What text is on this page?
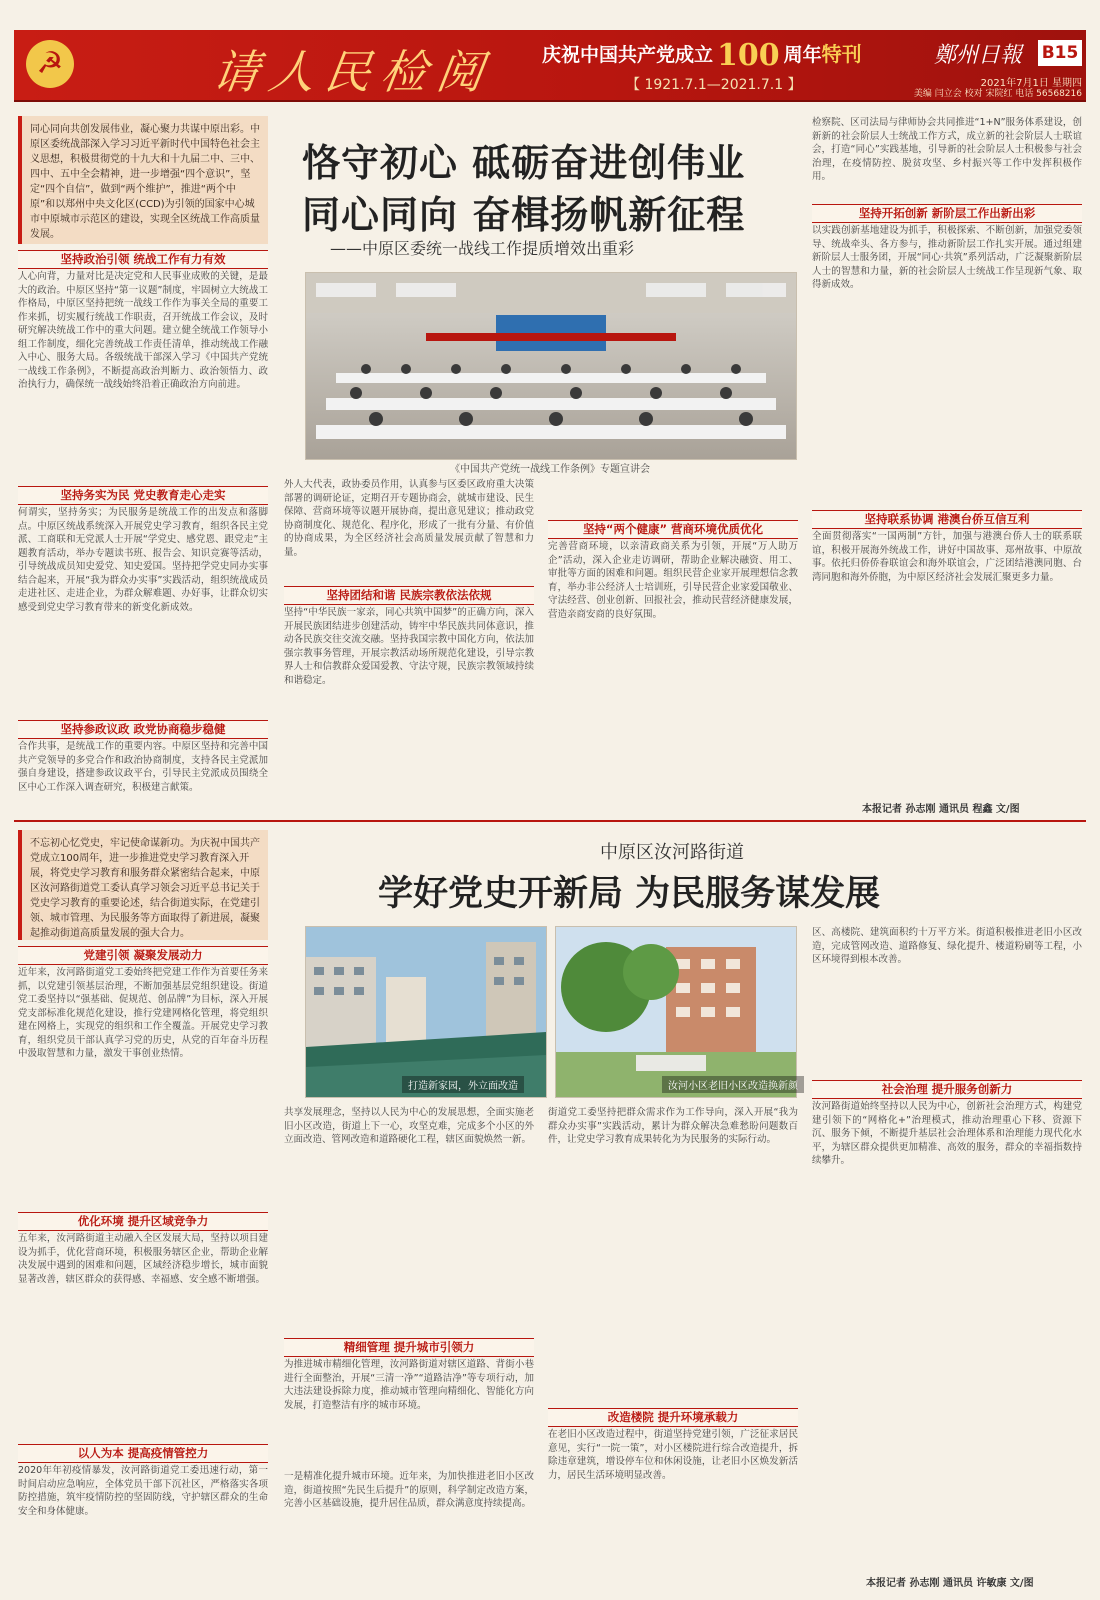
☭	请人民检阅 庆祝中国共产党成立 100 周年特刊
【 1921.7.1—2021.7.1 】
鄭州日報	B15
2021年7月1日 星期四
美编 闫立会 校对 宋院红 电话 56568216
同心同向共创发展伟业，凝心聚力共谋中原出彩。中原区委统战部深入学习习近平新时代中国特色社会主义思想，积极贯彻党的十九大和十九届二中、三中、四中、五中全会精神，进一步增强“四个意识”，坚定“四个自信”，做到“两个维护”，推进“两个中原”和以郑州中央文化区(CCD)为引领的国家中心城市中原城市示范区的建设，实现全区统战工作高质量发展。
恪守初心 砥砺奋进创伟业
同心同向 奋楫扬帆新征程
——中原区委统一战线工作提质增效出重彩
《中国共产党统一战线工作条例》专题宣讲会
坚持政治引领 统战工作有力有效
人心向背，力量对比是决定党和人民事业成败的关键，是最大的政治。中原区坚持“第一议题”制度，牢固树立大统战工作格局，中原区坚持把统一战线工作作为事关全局的重要工作来抓，切实履行统战工作职责，召开统战工作会议，及时研究解决统战工作中的重大问题。建立健全统战工作领导小组工作制度，细化完善统战工作责任清单，推动统战工作融入中心、服务大局。各级统战干部深入学习《中国共产党统一战线工作条例》，不断提高政治判断力、政治领悟力、政治执行力，确保统一战线始终沿着正确政治方向前进。
坚持务实为民 党史教育走心走实
何谓实，坚持务实；为民服务是统战工作的出发点和落脚点。中原区统战系统深入开展党史学习教育，组织各民主党派、工商联和无党派人士开展“学党史、感党恩、跟党走”主题教育活动，举办专题读书班、报告会、知识竞赛等活动，引导统战成员知史爱党、知史爱国。坚持把学党史同办实事结合起来，开展“我为群众办实事”实践活动，组织统战成员走进社区、走进企业，为群众解难题、办好事，让群众切实感受到党史学习教育带来的新变化新成效。
坚持参政议政 政党协商稳步稳健
合作共事，是统战工作的重要内容。中原区坚持和完善中国共产党领导的多党合作和政治协商制度，支持各民主党派加强自身建设，搭建参政议政平台，引导民主党派成员围绕全区中心工作深入调查研究，积极建言献策。
外人大代表，政协委员作用，认真参与区委区政府重大决策部署的调研论证，定期召开专题协商会，就城市建设、民生保障、营商环境等议题开展协商，提出意见建议；推动政党协商制度化、规范化、程序化，形成了一批有分量、有价值的协商成果，为全区经济社会高质量发展贡献了智慧和力量。
坚持团结和谐 民族宗教依法依规
坚持“中华民族一家亲，同心共筑中国梦”的正确方向，深入开展民族团结进步创建活动，铸牢中华民族共同体意识，推动各民族交往交流交融。坚持我国宗教中国化方向，依法加强宗教事务管理，开展宗教活动场所规范化建设，引导宗教界人士和信教群众爱国爱教、守法守规，民族宗教领域持续和谐稳定。
坚持“两个健康” 营商环境优质优化
完善营商环境，以亲清政商关系为引领，开展“万人助万企”活动，深入企业走访调研，帮助企业解决融资、用工、审批等方面的困难和问题。组织民营企业家开展理想信念教育，举办非公经济人士培训班，引导民营企业家爱国敬业、守法经营、创业创新、回报社会，推动民营经济健康发展，营造亲商安商的良好氛围。
检察院、区司法局与律师协会共同推进“1+N”服务体系建设，创新新的社会阶层人士统战工作方式，成立新的社会阶层人士联谊会，打造“同心”实践基地，引导新的社会阶层人士积极参与社会治理，在疫情防控、脱贫攻坚、乡村振兴等工作中发挥积极作用。
坚持开拓创新 新阶层工作出新出彩
以实践创新基地建设为抓手，积极探索、不断创新，加强党委领导、统战牵头、各方参与，推动新阶层工作扎实开展。通过组建新阶层人士服务团，开展“同心·共筑”系列活动，广泛凝聚新阶层人士的智慧和力量，新的社会阶层人士统战工作呈现新气象、取得新成效。
坚持联系协调 港澳台侨互信互利
全面贯彻落实“一国两制”方针，加强与港澳台侨人士的联系联谊，积极开展海外统战工作，讲好中国故事、郑州故事、中原故事。依托归侨侨眷联谊会和海外联谊会，广泛团结港澳同胞、台湾同胞和海外侨胞，为中原区经济社会发展汇聚更多力量。
本报记者 孙志刚 通讯员 程鑫 文/图
不忘初心忆党史，牢记使命谋新功。为庆祝中国共产党成立100周年，进一步推进党史学习教育深入开展，将党史学习教育和服务群众紧密结合起来，中原区汝河路街道党工委认真学习领会习近平总书记关于党史学习教育的重要论述，结合街道实际，在党建引领、城市管理、为民服务等方面取得了新进展，凝聚起推动街道高质量发展的强大合力。
中原区汝河路街道
学好党史开新局 为民服务谋发展
打造新家园，外立面改造	汝河小区老旧小区改造换新颜
党建引领 凝聚发展动力
近年来，汝河路街道党工委始终把党建工作作为首要任务来抓，以党建引领基层治理，不断加强基层党组织建设。街道党工委坚持以“强基础、促规范、创品牌”为目标，深入开展党支部标准化规范化建设，推行党建网格化管理，将党组织建在网格上，实现党的组织和工作全覆盖。开展党史学习教育，组织党员干部认真学习党的历史，从党的百年奋斗历程中汲取智慧和力量，激发干事创业热情。
优化环境 提升区域竞争力
五年来，汝河路街道主动融入全区发展大局，坚持以项目建设为抓手，优化营商环境，积极服务辖区企业，帮助企业解决发展中遇到的困难和问题，区域经济稳步增长，城市面貌显著改善，辖区群众的获得感、幸福感、安全感不断增强。
以人为本 提高疫情管控力
2020年年初疫情暴发，汝河路街道党工委迅速行动，第一时间启动应急响应，全体党员干部下沉社区，严格落实各项防控措施，筑牢疫情防控的坚固防线，守护辖区群众的生命安全和身体健康。
共享发展理念，坚持以人民为中心的发展思想，全面实施老旧小区改造，街道上下一心，攻坚克难，完成多个小区的外立面改造、管网改造和道路硬化工程，辖区面貌焕然一新。
精细管理 提升城市引领力
为推进城市精细化管理，汝河路街道对辖区道路、背街小巷进行全面整治，开展“三清一净”“道路洁净”等专项行动，加大违法建设拆除力度，推动城市管理向精细化、智能化方向发展，打造整洁有序的城市环境。
一是精准化提升城市环境。近年来，为加快推进老旧小区改造，街道按照“先民生后提升”的原则，科学制定改造方案，完善小区基础设施，提升居住品质，群众满意度持续提高。
街道党工委坚持把群众需求作为工作导向，深入开展“我为群众办实事”实践活动，累计为群众解决急难愁盼问题数百件，让党史学习教育成果转化为为民服务的实际行动。
改造楼院 提升环境承载力
在老旧小区改造过程中，街道坚持党建引领，广泛征求居民意见，实行“一院一策”，对小区楼院进行综合改造提升，拆除违章建筑，增设停车位和休闲设施，让老旧小区焕发新活力，居民生活环境明显改善。
区、高楼院、建筑面积约十万平方米。街道积极推进老旧小区改造，完成管网改造、道路修复、绿化提升、楼道粉刷等工程，小区环境得到根本改善。
社会治理 提升服务创新力
汝河路街道始终坚持以人民为中心，创新社会治理方式，构建党建引领下的“网格化+”治理模式，推动治理重心下移、资源下沉、服务下倾，不断提升基层社会治理体系和治理能力现代化水平，为辖区群众提供更加精准、高效的服务，群众的幸福指数持续攀升。
本报记者 孙志刚 通讯员 许敏康 文/图
